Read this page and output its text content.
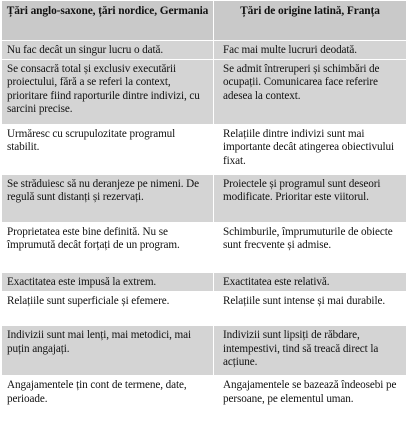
Țări anglo-saxone, țări nordice, Germania	Țări de origine latină, Franța
Nu fac decât un singur lucru o dată.	Fac mai multe lucruri deodată.
Se consacră total și exclusiv executării proiectului, fără a se referi la context, prioritare fiind raporturile dintre indivizi, cu sarcini precise.	Se admit întreruperi și schimbări de ocupații. Comunicarea face referire adesea la context.
Urmăresc cu scrupulozitate programul stabilit.	Relațiile dintre indivizi sunt mai importante decât atingerea obiectivului fixat.
Se străduiesc să nu deranjeze pe nimeni. De regulă sunt distanți și rezervați.	Proiectele și programul sunt deseori modificate. Prioritar este viitorul.
Proprietatea este bine definită. Nu se împrumută decât forțați de un program.	Schimburile, împrumuturile de obiecte sunt frecvente și admise.
Exactitatea este impusă la extrem.	Exactitatea este relativă.
Relațiile sunt superficiale și efemere.	Relațiile sunt intense și mai durabile.
Indivizii sunt mai lenți, mai metodici, mai puțin angajați.	Indivizii sunt lipsiți de răbdare, intempestivi, tind să treacă direct la acțiune.
Angajamentele țin cont de termene, date, perioade.	Angajamentele se bazează îndeosebi pe persoane, pe elementul uman.
